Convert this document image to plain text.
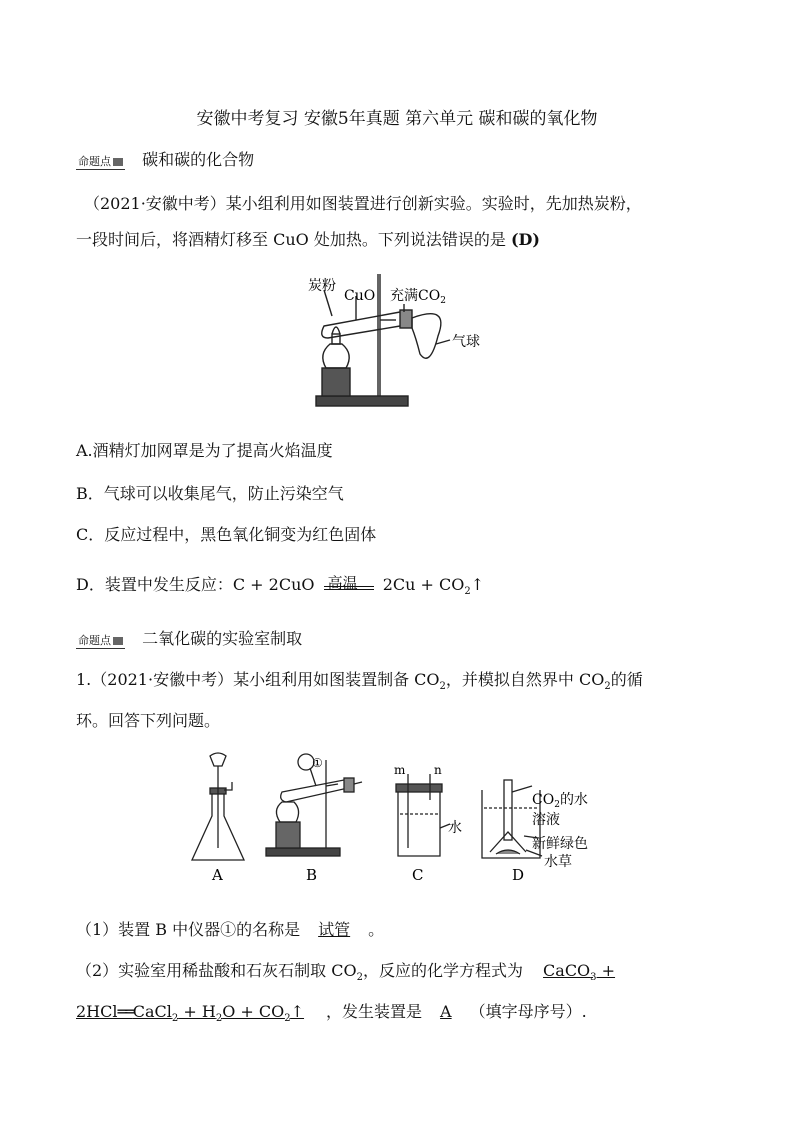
安徽中考复习 安徽5年真题 第六单元 碳和碳的氧化物
命题点 碳和碳的化合物
（2021·安徽中考）某小组利用如图装置进行创新实验。实验时，先加热炭粉，
一段时间后，将酒精灯移至 CuO 处加热。下列说法错误的是 (D)
炭粉
CuO 充满$CO_2$
气球
A.酒精灯加网罩是为了提高火焰温度
B．气球可以收集尾气，防止污染空气
C．反应过程中，黑色氧化铜变为红色固体
D．装置中发生反应：C + 2CuO 高温 $2Cu + CO_2↑$
命题点 二氧化碳的实验室制取
1.（2021·安徽中考）某小组利用如图装置制备 $CO_2$，并模拟自然界中 $CO_2$的循
环。回答下列问题。
A	B
①
C
m n
水
D
$CO_2$的水
溶液
新鲜绿色
水草
（1）装置 B 中仪器①的名称是 试管 。
（2）实验室用稀盐酸和石灰石制取 $CO_2$，反应的化学方程式为 CaCO$_3$ +
2HCl══CaCl$_2$ + $H_2O$ + $CO_2↑$ ，发生装置是 A （填字母序号）.
